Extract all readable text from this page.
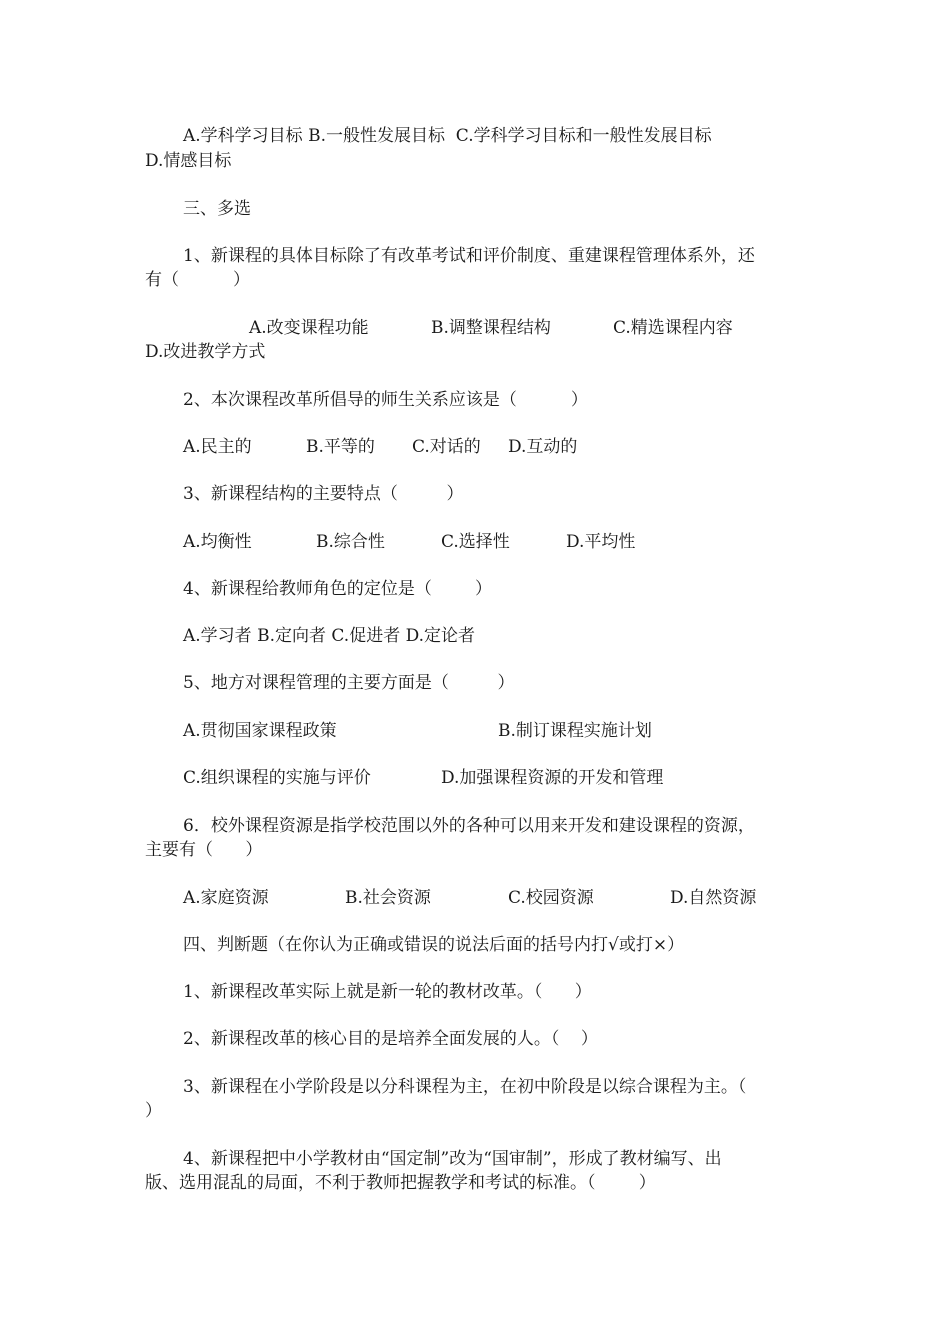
A.学科学习目标 B.一般性发展目标  C.学科学习目标和一般性发展目标
D.情感目标
三、多选
1、新课程的具体目标除了有改革考试和评价制度、重建课程管理体系外，还
有（          ）
A.改变课程功能	B.调整课程结构	C.精选课程内容
D.改进教学方式
2、本次课程改革所倡导的师生关系应该是（          ）
A.民主的	B.平等的 C.对话的 D.互动的
3、新课程结构的主要特点（         ）
A.均衡性	B.综合性	C.选择性	D.平均性
4、新课程给教师角色的定位是（        ）
A.学习者 B.定向者 C.促进者 D.定论者
5、地方对课程管理的主要方面是（         ）
A.贯彻国家课程政策	B.制订课程实施计划
C.组织课程的实施与评价	D.加强课程资源的开发和管理
6．校外课程资源是指学校范围以外的各种可以用来开发和建设课程的资源，
主要有（      ）
A.家庭资源	B.社会资源	C.校园资源	D.自然资源
四、判断题（在你认为正确或错误的说法后面的括号内打√或打×）
1、新课程改革实际上就是新一轮的教材改革。（      ）
2、新课程改革的核心目的是培养全面发展的人。（    ）
3、新课程在小学阶段是以分科课程为主，在初中阶段是以综合课程为主。（
）
4、新课程把中小学教材由“国定制”改为“国审制”，形成了教材编写、出
版、选用混乱的局面，不利于教师把握教学和考试的标准。（        ）
